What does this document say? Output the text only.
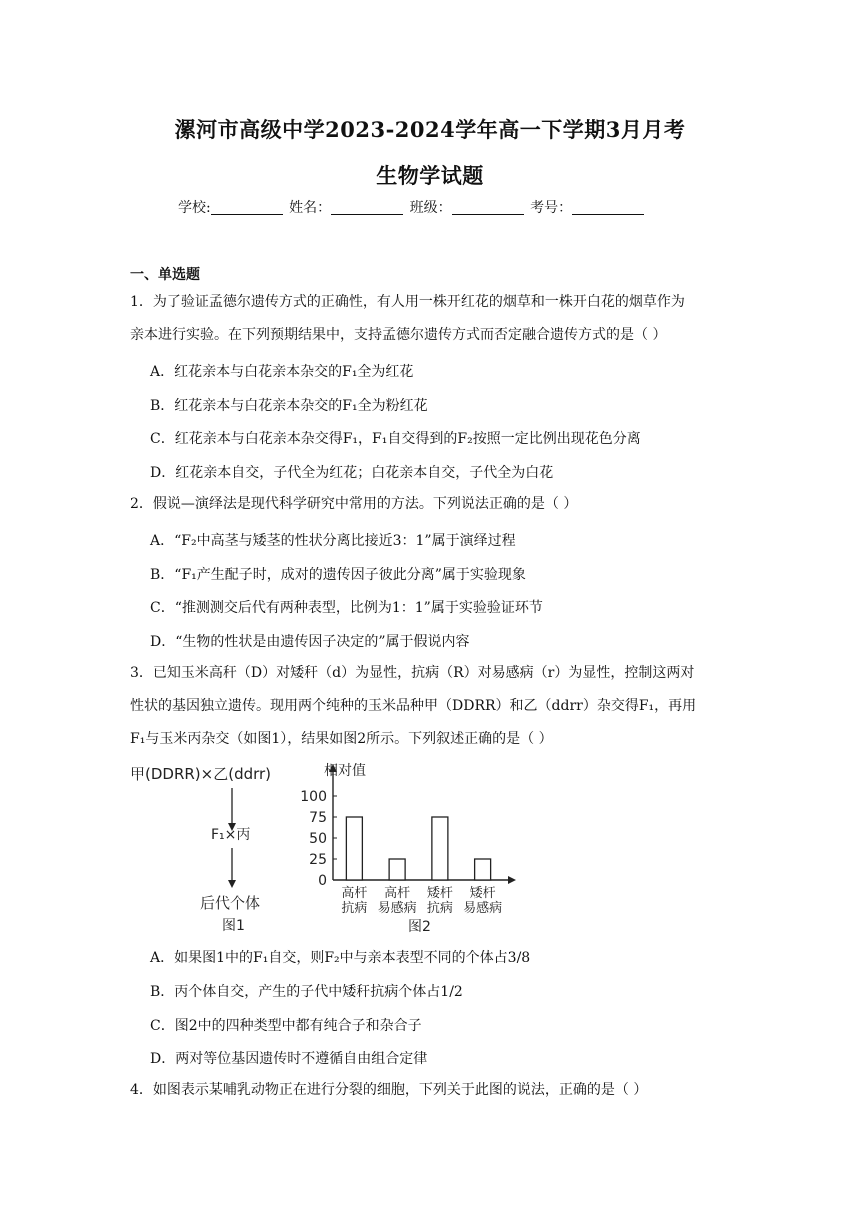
漯河市高级中学2023-2024学年高一下学期3月月考
生物学试题
学校:	姓名：	班级：	考号：
一、单选题

1．为了验证孟德尔遗传方式的正确性，有人用一株开红花的烟草和一株开白花的烟草作为

亲本进行实验。在下列预期结果中，支持孟德尔遗传方式而否定融合遗传方式的是（ ）

A．红花亲本与白花亲本杂交的F₁全为红花
B．红花亲本与白花亲本杂交的F₁全为粉红花
C．红花亲本与白花亲本杂交得F₁，F₁自交得到的F₂按照一定比例出现花色分离
D．红花亲本自交，子代全为红花；白花亲本自交，子代全为白花

2．假说—演绎法是现代科学研究中常用的方法。下列说法正确的是（ ）

A．“F₂中高茎与矮茎的性状分离比接近3：1”属于演绎过程
B．“F₁产生配子时，成对的遗传因子彼此分离”属于实验现象
C．“推测测交后代有两种表型，比例为1：1”属于实验验证环节
D．“生物的性状是由遗传因子决定的”属于假说内容

3．已知玉米高秆（D）对矮秆（d）为显性，抗病（R）对易感病（r）为显性，控制这两对

性状的基因独立遗传。现用两个纯种的玉米品种甲（DDRR）和乙（ddrr）杂交得F₁，再用

F₁与玉米丙杂交（如图1），结果如图2所示。下列叙述正确的是（ ）

甲(DDRR)×乙(ddrr)
F₁×丙
后代个体
图1
0
25
50
75
100
高杆
抗病
高杆
易感病
矮杆
抗病
矮杆
易感病
相对值
图2
A．如果图1中的F₁自交，则F₂中与亲本表型不同的个体占3/8
B．丙个体自交，产生的子代中矮秆抗病个体占1/2
C．图2中的四种类型中都有纯合子和杂合子
D．两对等位基因遗传时不遵循自由组合定律

4．如图表示某哺乳动物正在进行分裂的细胞，下列关于此图的说法，正确的是（ ）
